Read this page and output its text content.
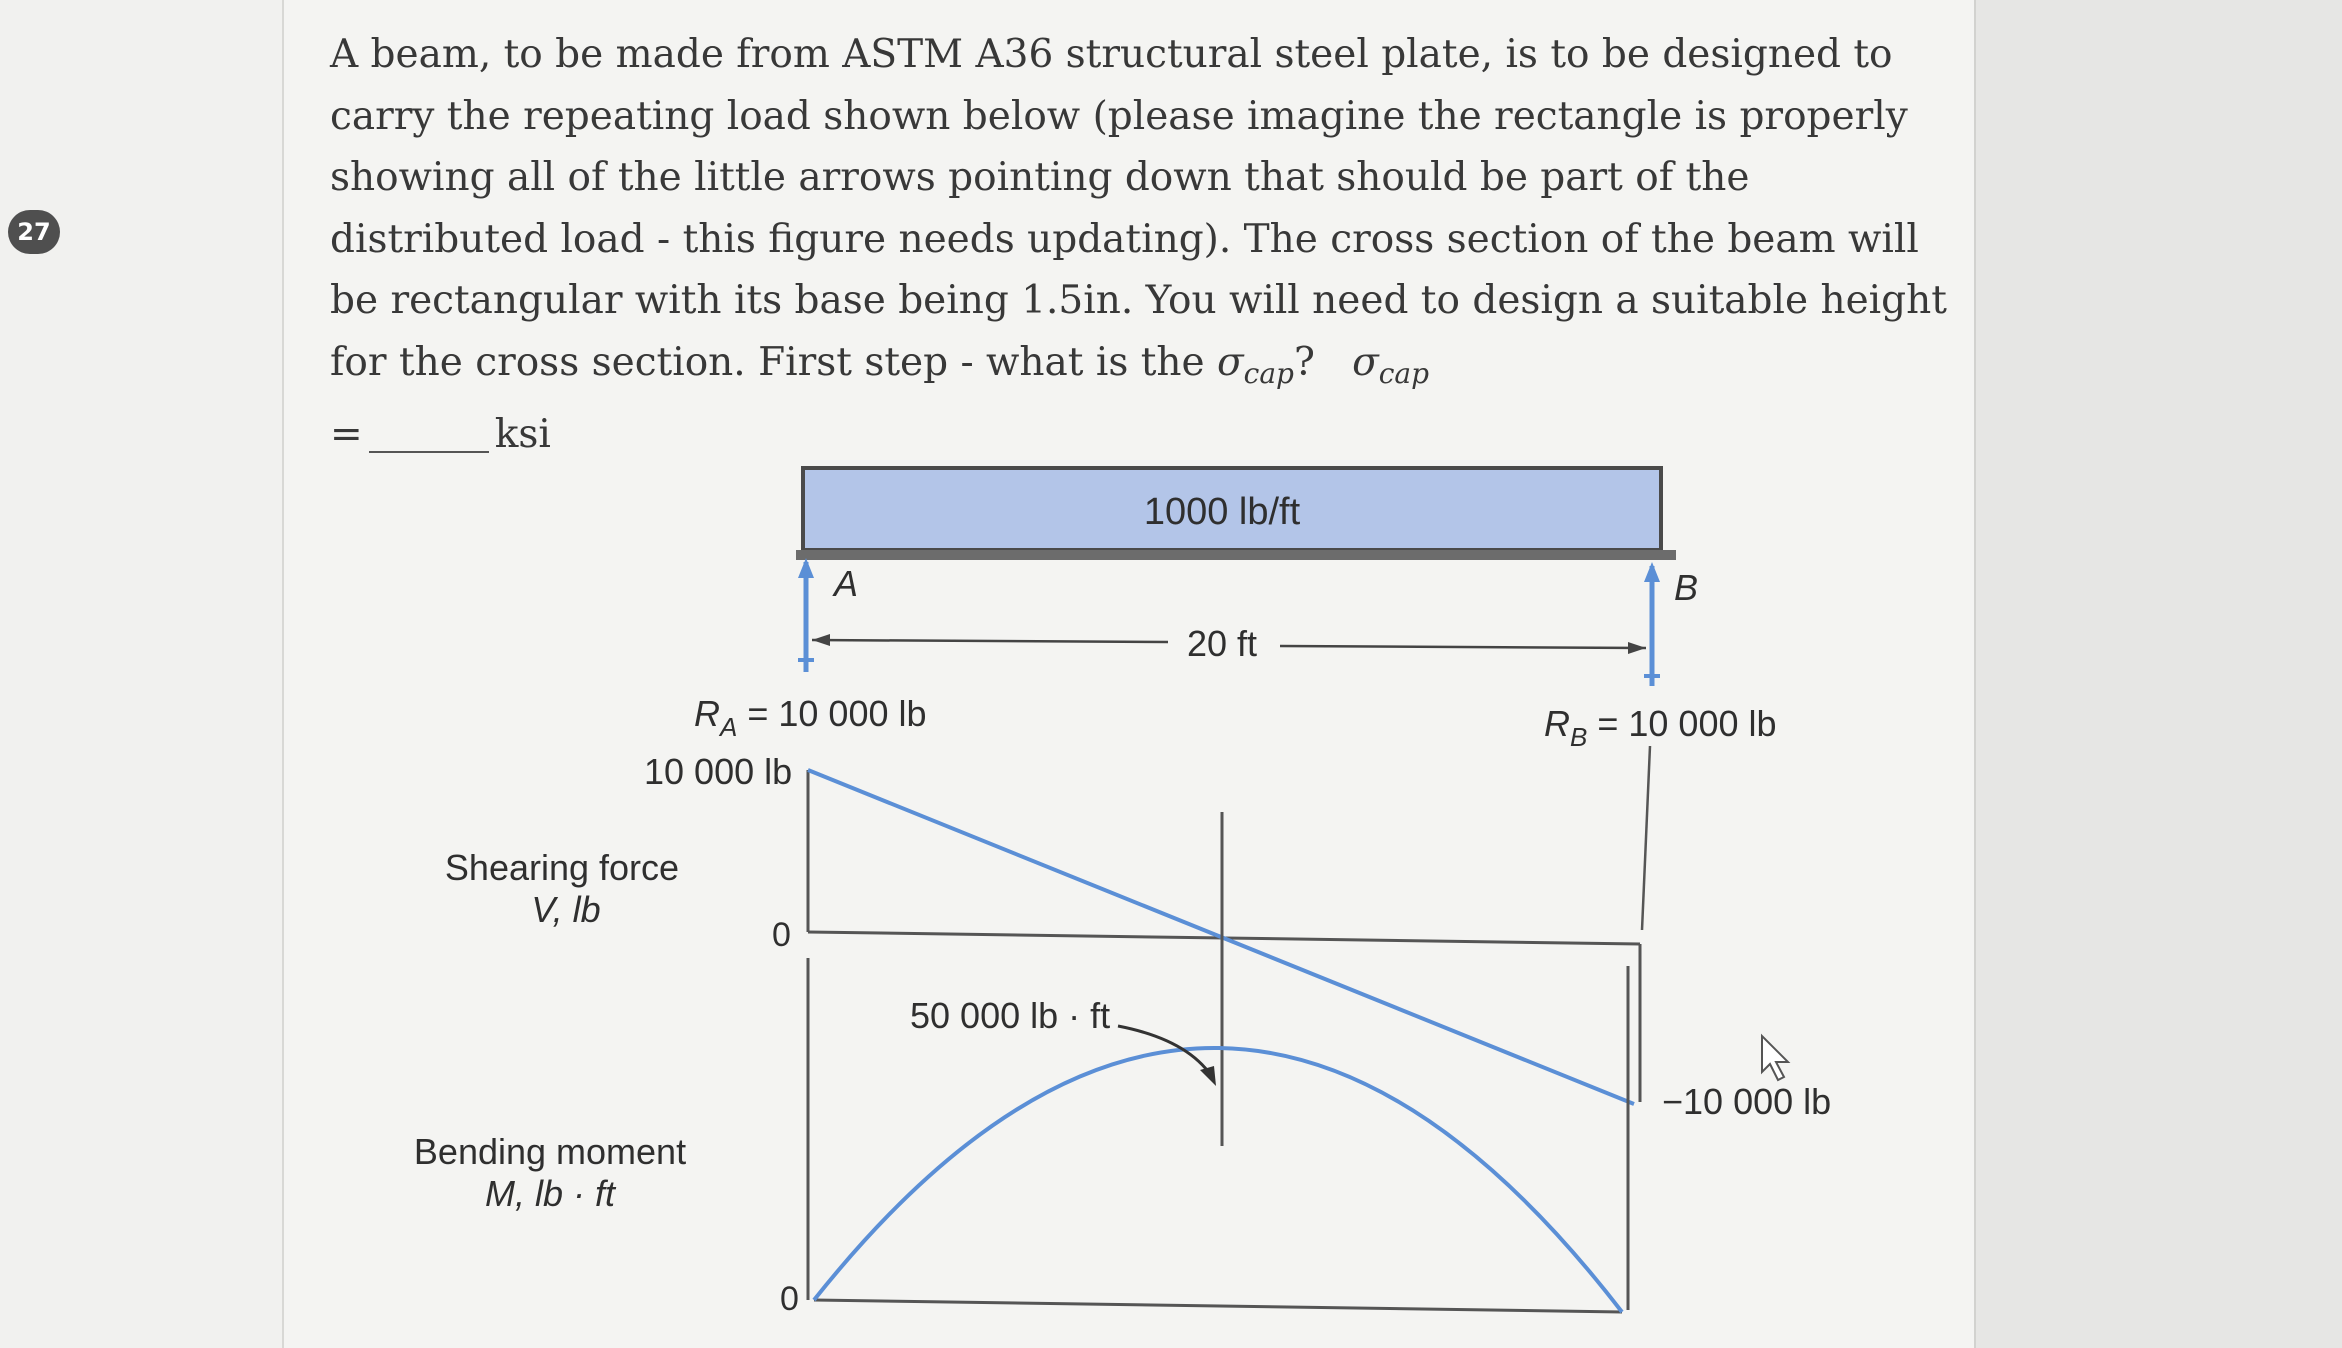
27
A beam, to be made from ASTM A36 structural steel plate, is to be designed to carry the repeating load shown below (please imagine the rectangle is properly showing all of the little arrows pointing down that should be part of the distributed load - this figure needs updating). The cross section of the beam will be rectangular with its base being 1.5in. You will need to design a suitable height for the cross section. First step - what is the $\sigma_{cap}$? $\sigma_{cap}$
=	ksi
1000 lb/ft
A	B
20 ft
$R_A = 10$ 000 lb	$R_B = 10$ 000 lb
10 000 lb
0
−10 000 lb
Shearing force
V, lb
50 000 lb · ft
0
Bending moment
M, lb · ft
